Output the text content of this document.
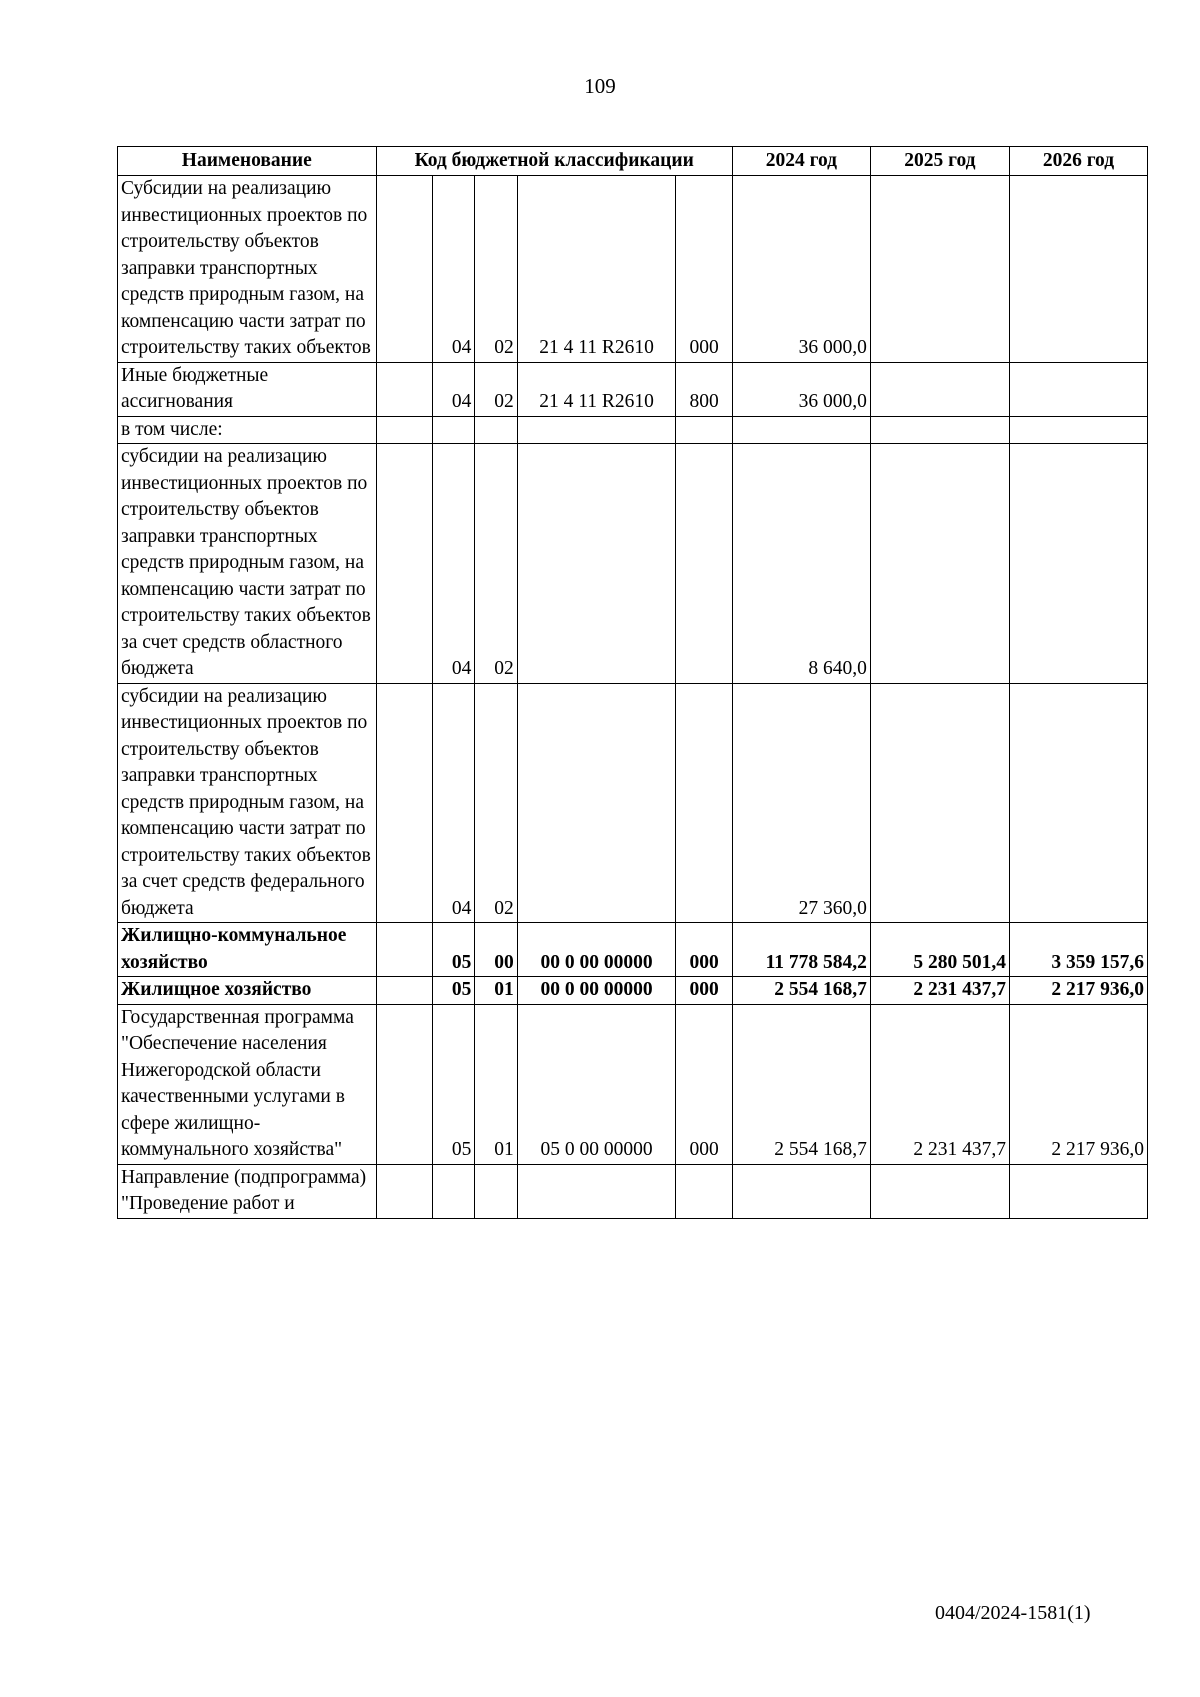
109
Наименование	Код бюджетной классификации					2024 год	2025 год	2026 год
Субсидии на реализацию инвестиционных проектов по строительству объектов заправки транспортных средств природным газом, на компенсацию части затрат по строительству таких объектов		04	02	21 4 11 R2610	000	36 000,0		
Иные бюджетные ассигнования		04	02	21 4 11 R2610	800	36 000,0		
в том числе:								
субсидии на реализацию инвестиционных проектов по строительству объектов заправки транспортных средств природным газом, на компенсацию части затрат по строительству таких объектов за счет средств областного бюджета		04	02			8 640,0		
субсидии на реализацию инвестиционных проектов по строительству объектов заправки транспортных средств природным газом, на компенсацию части затрат по строительству таких объектов за счет средств федерального бюджета		04	02			27 360,0		
Жилищно-коммунальное хозяйство		05	00	00 0 00 00000	000	11 778 584,2	5 280 501,4	3 359 157,6
Жилищное хозяйство		05	01	00 0 00 00000	000	2 554 168,7	2 231 437,7	2 217 936,0
Государственная программа "Обеспечение населения Нижегородской области качественными услугами в сфере жилищно-коммунального хозяйства"		05	01	05 0 00 00000	000	2 554 168,7	2 231 437,7	2 217 936,0
Направление (подпрограмма) "Проведение работ и								
0404/2024-1581(1)
